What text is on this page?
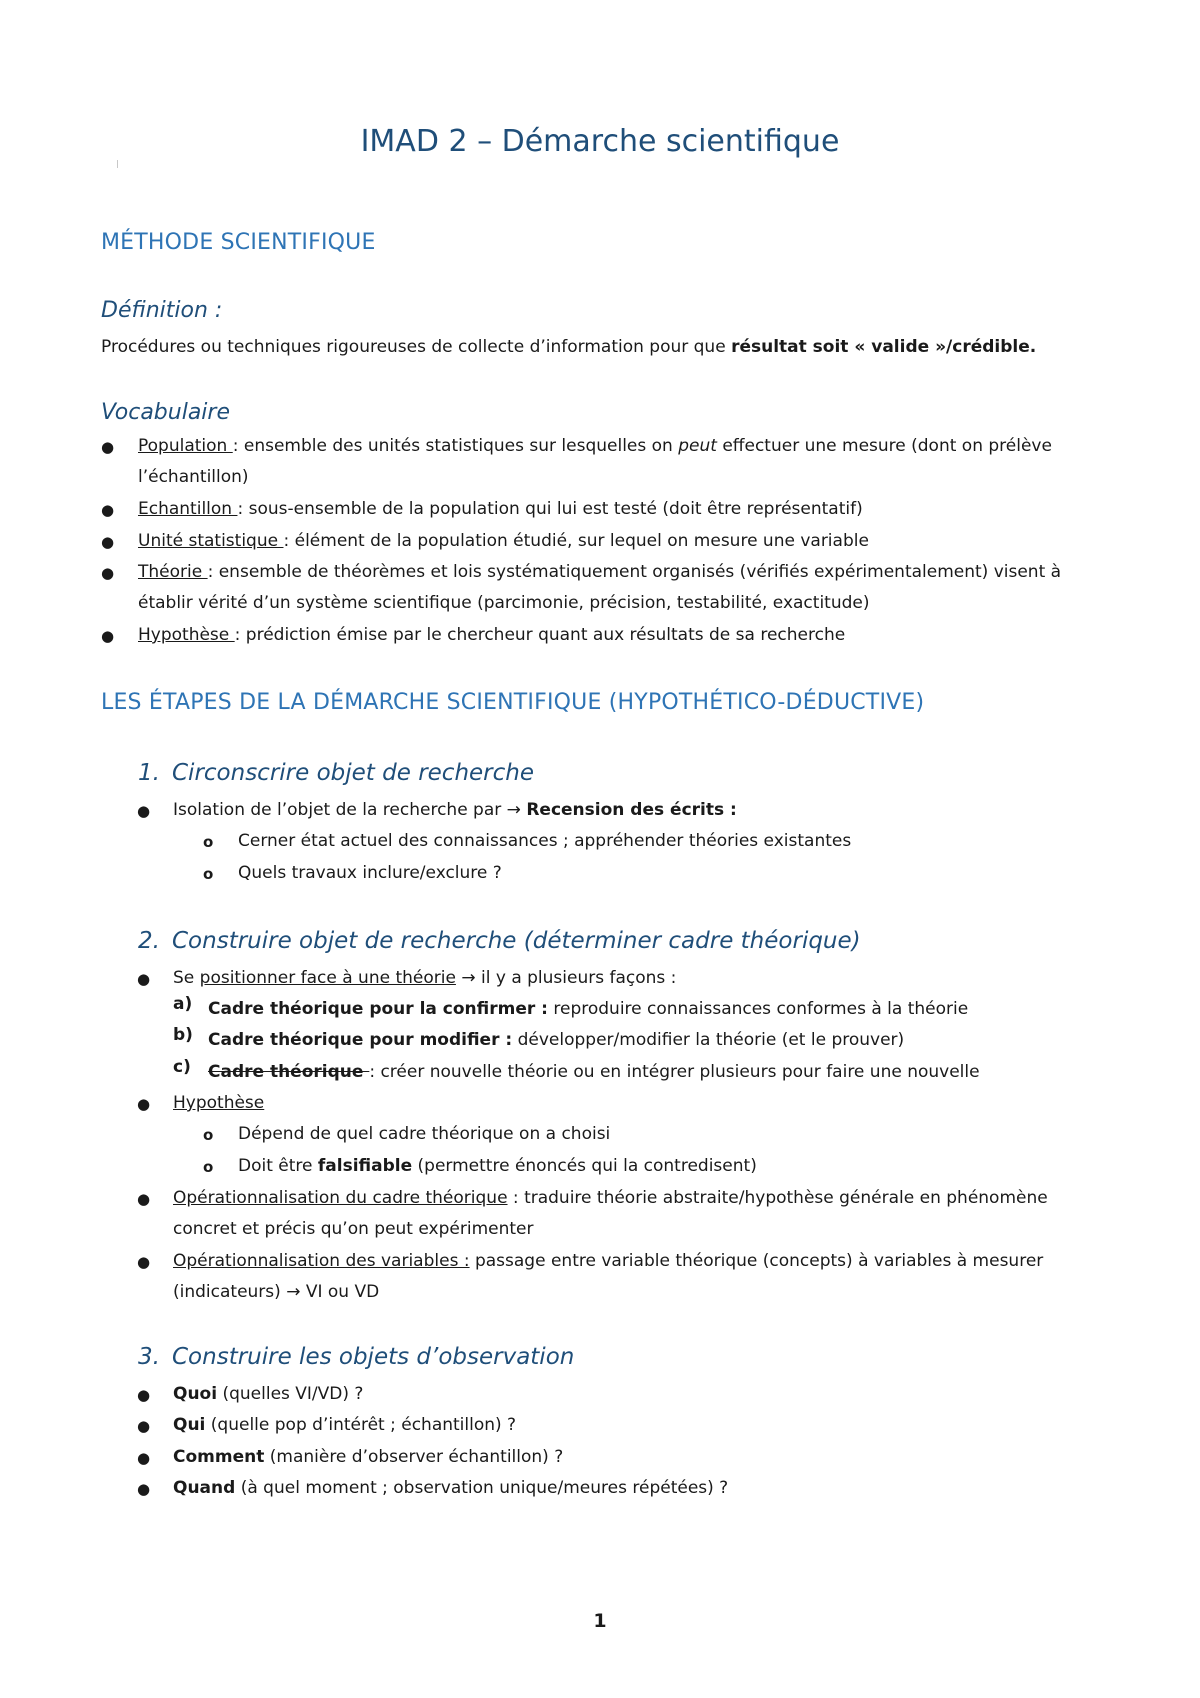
IMAD 2 – Démarche scientifique
MÉTHODE SCIENTIFIQUE
Définition :
Procédures ou techniques rigoureuses de collecte d’information pour que résultat soit « valide »/crédible.
Vocabulaire
● Population : ensemble des unités statistiques sur lesquelles on peut effectuer une mesure (dont on prélève l’échantillon)
● Echantillon : sous-ensemble de la population qui lui est testé (doit être représentatif)
● Unité statistique : élément de la population étudié, sur lequel on mesure une variable
● Théorie : ensemble de théorèmes et lois systématiquement organisés (vérifiés expérimentalement) visent à établir vérité d’un système scientifique (parcimonie, précision, testabilité, exactitude)
● Hypothèse : prédiction émise par le chercheur quant aux résultats de sa recherche
LES ÉTAPES DE LA DÉMARCHE SCIENTIFIQUE (HYPOTHÉTICO-DÉDUCTIVE)
1. Circonscrire objet de recherche
● Isolation de l’objet de la recherche par → Recension des écrits :
o Cerner état actuel des connaissances ; appréhender théories existantes
o Quels travaux inclure/exclure ?
2. Construire objet de recherche (déterminer cadre théorique)
● Se positionner face à une théorie → il y a plusieurs façons :
a) Cadre théorique pour la confirmer : reproduire connaissances conformes à la théorie
b) Cadre théorique pour modifier : développer/modifier la théorie (et le prouver)
c) Cadre théorique : créer nouvelle théorie ou en intégrer plusieurs pour faire une nouvelle
● Hypothèse
o Dépend de quel cadre théorique on a choisi
o Doit être falsifiable (permettre énoncés qui la contredisent)
● Opérationnalisation du cadre théorique : traduire théorie abstraite/hypothèse générale en phénomène concret et précis qu’on peut expérimenter
● Opérationnalisation des variables : passage entre variable théorique (concepts) à variables à mesurer (indicateurs) → VI ou VD
3. Construire les objets d’observation
● Quoi (quelles VI/VD) ?
● Qui (quelle pop d’intérêt ; échantillon) ?
● Comment (manière d’observer échantillon) ?
● Quand (à quel moment ; observation unique/meures répétées) ?
1
